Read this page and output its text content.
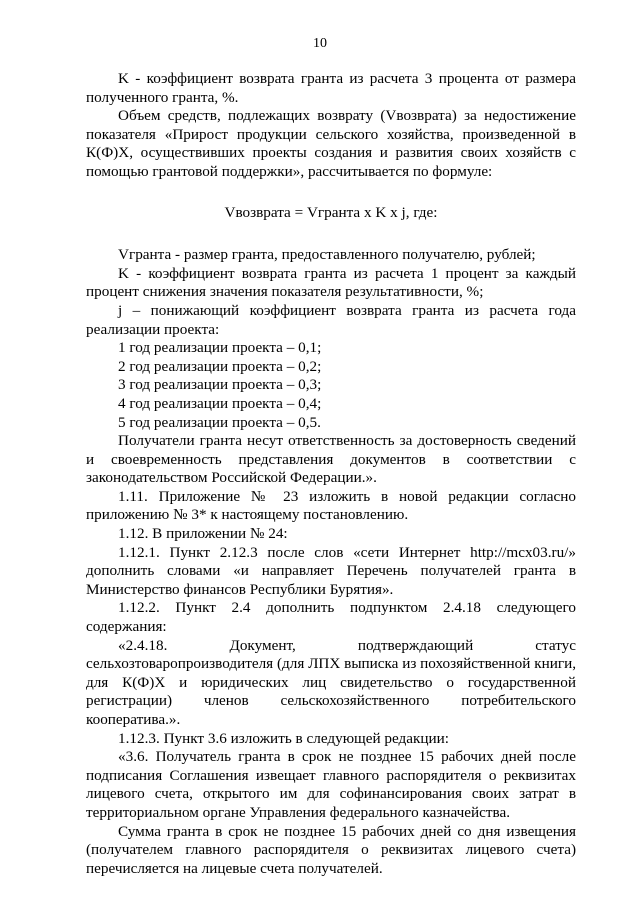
10

K - коэффициент возврата гранта из расчета 3 процента от размера полученного гранта, %.

Объем средств, подлежащих возврату (Vвозврата) за недостижение показателя «Прирост продукции сельского хозяйства, произведенной в К(Ф)Х, осуществивших проекты создания и развития своих хозяйств с помощью грантовой поддержки», рассчитывается по формуле:

Vвозврата = Vгранта x K x j, где:

Vгранта - размер гранта, предоставленного получателю, рублей;

K - коэффициент возврата гранта из расчета 1 процент за каждый процент снижения значения показателя результативности, %;

j – понижающий коэффициент возврата гранта из расчета года реализации проекта:

1 год реализации проекта – 0,1;

2 год реализации проекта – 0,2;

3 год реализации проекта – 0,3;

4 год реализации проекта – 0,4;

5 год реализации проекта – 0,5.

Получатели гранта несут ответственность за достоверность сведений и своевременность представления документов в соответствии с законодательством Российской Федерации.».

1.11. Приложение № 23 изложить в новой редакции согласно приложению № 3* к настоящему постановлению.

1.12. В приложении № 24:

1.12.1. Пункт 2.12.3 после слов «сети Интернет http://mcx03.ru/» дополнить словами «и направляет Перечень получателей гранта в Министерство финансов Республики Бурятия».

1.12.2. Пункт 2.4 дополнить подпунктом 2.4.18 следующего содержания:

«2.4.18. Документ, подтверждающий статус сельхозтоваропроизводителя (для ЛПХ выписка из похозяйственной книги, для К(Ф)Х и юридических лиц свидетельство о государственной регистрации) членов сельскохозяйственного потребительского кооператива.».

1.12.3. Пункт 3.6 изложить в следующей редакции:

«3.6. Получатель гранта в срок не позднее 15 рабочих дней после подписания Соглашения извещает главного распорядителя о реквизитах лицевого счета, открытого им для софинансирования своих затрат в территориальном органе Управления федерального казначейства.

Сумма гранта в срок не позднее 15 рабочих дней со дня извещения (получателем главного распорядителя о реквизитах лицевого счета) перечисляется на лицевые счета получателей.
